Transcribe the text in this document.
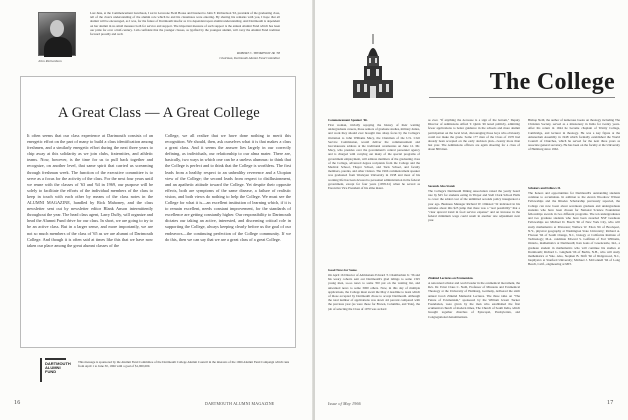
John Richardson
Last June, at the Commencement Luncheon, I sat in Leverone Field House and listened to John F. Richardson '63, president of the graduating class, tell of the class's understanding of the alumni role which he and his classmates were entering. By sharing his remarks with you, I hope that all alumni will be encouraged, as I was, for the future of Dartmouth insofar as it is dependent upon alumni understanding. And Dartmouth is dependent on her alumni in no small measure both for service and support. The important measure of such support is the annual Alumni Fund which has been our pride for over a half-century. I am confident that the younger classes, as typified by the youngest alumni, will carry the Alumni Fund tradition forward proudly and well.
ROBERT C. THOMPSON JR. '38
Chairman, Dartmouth Alumni Fund Committee
A Great Class — A Great College
It often seems that our class experience at Dartmouth consists of an energetic effort on the part of many to build a class identification among freshmen, and a similarly energetic effort during the next three years to chip away at this solidarity as we join clubs, fraternities, and athletic teams. Now, however, is the time for us to pull back together and recognize, on another level, that same spirit that carried us screaming through freshman week. The function of the executive committee is to serve as a focus for the activity of the class. For the next four years until we reune with the classes of '63 and '64 in 1969, our purpose will be solely to facilitate the efforts of the individual members of the class to keep in touch with each other by means of the class notes in the ALUMNI MAGAZINE, handled by Rick Mahoney, and the class newsletter sent out by newsletter editor Blank Anson intermittently throughout the year. The head class agent, Larry Duffy, will organize and head the Alumni Fund drive for our class. In short, we are going to try to be an active class. But in a larger sense, and more importantly, we are not so much members of the class of '65 as we are alumni of Dartmouth College. And though it is often said at times like this that we have now taken our place among the great alumni classes of the
College, we all realize that we have done nothing to merit this recognition. We should, then, ask ourselves what it is that makes a class a great class. And it seems the answer lies largely in our correctly defining, as individuals, our relationship to our alma mater. There are, basically, two ways in which one can be a useless alumnus: to think that the College is perfect and to think that the College is worthless. The first leads from a healthy respect to an unhealthy reverence and a Utopian view of the College; the second leads from respect to disillusionment, and an apathetic attitude toward the College. Yet despite their opposite effects, both are symptoms of the same disease, a failure of realistic vision, and both views do nothing to help the College. We must see the College for what it is—an excellent institution of learning which, if it is to remain excellent, needs constant improvement, for the standards of excellence are getting constantly higher. Our responsibility to Dartmouth dictates our taking an active, interested, and discerning critical role in supporting the College, always keeping clearly before us the goal of our endeavors—the continuing perfection of the College community. If we do this, then we can say that we are a great class of a great College.
DARTMOUTH
ALUMNI
FUND
This message is sponsored by the Alumni Fund Committee of the Dartmouth College Alumni Council in the interests of the 1966 Alumni Fund Campaign which runs from April 1 to June 30, 1966 with a goal of $1,900,000.
16	DARTMOUTH ALUMNI MAGAZINE
The College
Commencement Speaker '66.
First woman, trivially repaying the history of their waiting undergraduate careers, those seniors of graduate studies, military duties, and work they should ever brought into sharp focus by the College's invitation to John Williams Macy, the Chairman of the U.S. Civil Service Commission, would deliver the commencement and baccalaureate address at the traditional ceremonies on June 12. Mr. Macy, who presides over the government's central personnel agency and is charged with carrying out many of the special programs of government employment, will address members of the graduating class of the College, advanced degree recipients from the College and the Medical School, Thayer School, and Tuck School, and faculty members, parents, and other visitors. The 1966 commencement speaker was graduated from Wesleyan University in 1938 and most of his working life has been devoted to personnel administration in the federal government, except for four years (1958-61) when he served as Executive Vice President of his alma mater.
Good News for Some.
On April 16 Director of Admissions Edward T. Chamberlain Jr. '36 and his weary cohorts sent out Dartmouth's glad tidings to some 1325 young men, so-so news to some 350 put on the waiting list, and unwanted news to some 3000 others. Now, in this day of multiple applications, the College must await the May 2 deadline to learn which of those accepted by Dartmouth chose to accept Dartmouth. Although the total number of applications was down 4.6 percent compared with the previous year (as were those for Brown, Columbia, and Yale), the job of selecting the Class of 1970 was as hard
as ever. "If anything the decrease is a sign of the bottom," Deputy Director of Admissions Alfred T. Quirk '49 noted publicly, admitting fewer applications to better guidance in the schools and more alumni participation on the local level, discouraging those boys who obviously could not make the grade. Some 177 men of the Class of 1970 had already been accepted on the early decision plan—twenty more than last year. The Admissions officers are again shooting for a class of about 800 men.
Seconds Also Stand.
The College's Dartmouth Dining Association raised the yearly board rate by $25 for students eating in Thayer and Stell Clark School Halls to cover the added cost of the unlimited seconds policy inaugurated a year ago. Business Manager Richard W. Olmsted '32 indicated in his remarks about this $25 jump that there was a "real possibility" that a "clear upward trend in food service expense" and an increase in the federal minimum wage could result in another rate adjustment next year.
Zinkind Lectures on Ecumenism.
A renowned scholar and world leader in the ecumenical movement, the Rev. Dr. Ernst Claus C. Nolil, Professor of Missions and Ecumenical Theology at the University of Hamburg, Germany, delivered the sixth annual Jacob Zinkind Memorial Lectures. The three talks on "The Future of Ecumenism," sponsored by the William Jewett Tucker Foundation, were given by the man who established the first ecumenical church of modern times, The Church of South India, which brought together churches of Episcopal, Presbyterian, and Congregational denominations.
Bishop Neill, the author of numerous books on theology including The Christian Society, served as a missionary in India for twenty years. After his return in 1944 he became chaplain of Trinity College, Cambridge, and lecturer in theology. He was a key figure at the Amsterdam Assembly in 1948 which formally established the World Council of Churches, which he served for the next three years as associate general secretary. He has been on the faculty at the University of Hamburg since 1962.
Scholars and Fellows II.
The honors and opportunities for Dartmouth's outstanding students continue to accumulate. In addition to the eleven Woodrow Wilson Fellowships and the Rhodes Scholarship previously reported, the College can now boast about seventeen graduate and undergraduate students who have been chosen for National Science Foundation fellowships awards in two different programs. The ten undergraduates and two graduate students who have been awarded NSF Graduate Fellowships are Michael D. Bosch '66 of New York City, who will study mathematics at Princeton; Wallace W. Elton '66 of Brockport, N.Y., physical geography at Washington State University; Richard A. Fiveson '66 of South Orange, N.J., biology at California Institute of Technology; M.A. candidate Edward S. Goffman of Fort Williams, Ontario, mathematics at Dartmouth; Ken Gans of Greencastle, Ind., a graduate student in mathematics who will continue his studies at Dartmouth; Richard L. Gingham '66 of Berlin, N.H., who will study mathematics at Yale. Also, Stephen B. Shift '66 of Ridgewood, N.J., biophysics at Stanford University; Michael J. McConnell '66 of Long Beach, Calif., engineering at MIT.
Issue of May 1966	17
